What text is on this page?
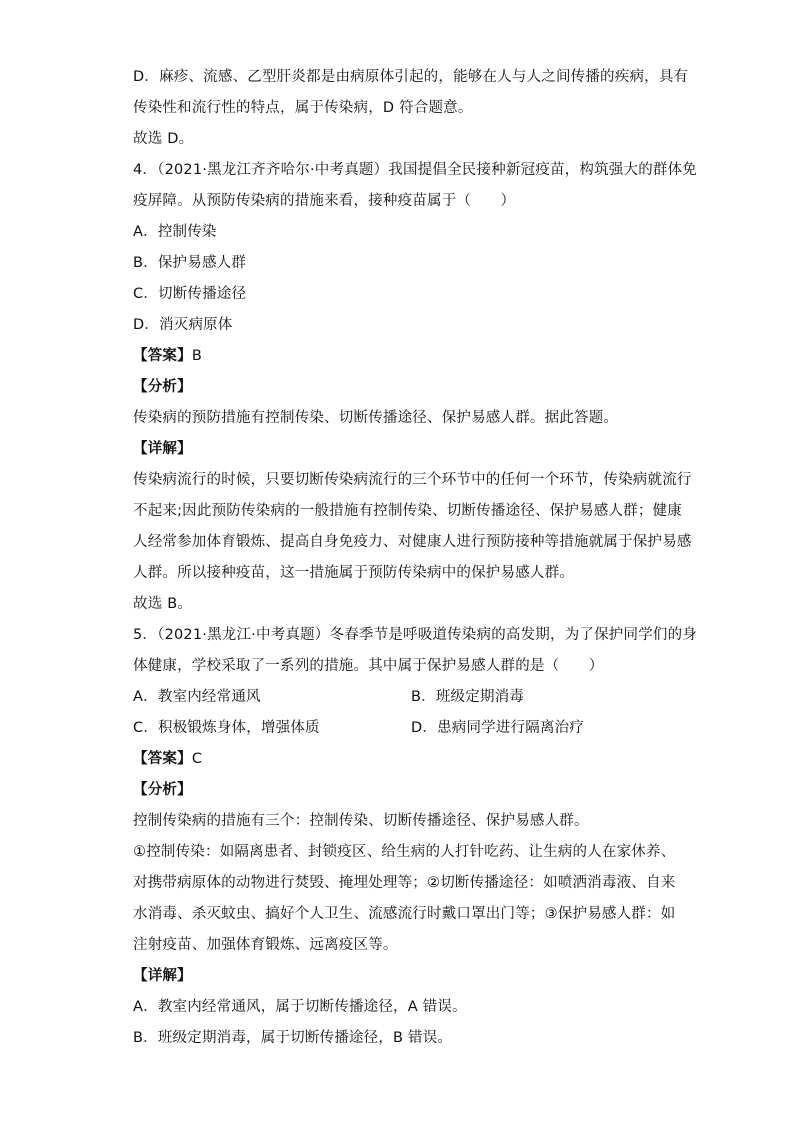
D．麻疹、流感、乙型肝炎都是由病原体引起的，能够在人与人之间传播的疾病，具有
传染性和流行性的特点，属于传染病，D 符合题意。
故选 D。
4．（2021·黑龙江齐齐哈尔·中考真题）我国提倡全民接种新冠疫苗，构筑强大的群体免
疫屏障。从预防传染病的措施来看，接种疫苗属于（　　）
A．控制传染
B．保护易感人群
C．切断传播途径
D．消灭病原体
【答案】B
【分析】
传染病的预防措施有控制传染、切断传播途径、保护易感人群。据此答题。
【详解】
传染病流行的时候，只要切断传染病流行的三个环节中的任何一个环节，传染病就流行
不起来;因此预防传染病的一般措施有控制传染、切断传播途径、保护易感人群；健康
人经常参加体育锻炼、提高自身免疫力、对健康人进行预防接种等措施就属于保护易感
人群。所以接种疫苗，这一措施属于预防传染病中的保护易感人群。
故选 B。
5．（2021·黑龙江·中考真题）冬春季节是呼吸道传染病的高发期，为了保护同学们的身
体健康，学校采取了一系列的措施。其中属于保护易感人群的是（　　）
A．教室内经常通风	B．班级定期消毒
C．积极锻炼身体，增强体质	D．患病同学进行隔离治疗
【答案】C
【分析】
控制传染病的措施有三个：控制传染、切断传播途径、保护易感人群。
①控制传染：如隔离患者、封锁疫区、给生病的人打针吃药、让生病的人在家休养、
对携带病原体的动物进行焚毁、掩埋处理等；②切断传播途径：如喷洒消毒液、自来
水消毒、杀灭蚊虫、搞好个人卫生、流感流行时戴口罩出门等；③保护易感人群：如
注射疫苗、加强体育锻炼、远离疫区等。
【详解】
A．教室内经常通风，属于切断传播途径，A 错误。
B．班级定期消毒，属于切断传播途径，B 错误。
